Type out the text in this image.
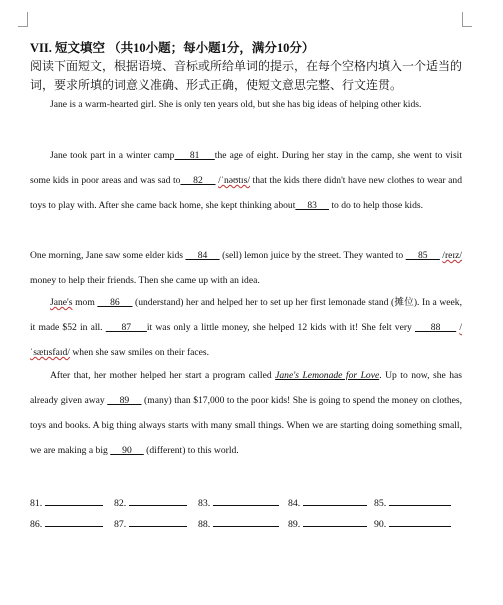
VII. 短文填空 （共10小题；每小题1分，满分10分）
阅读下面短文，根据语境、音标或所给单词的提示，在每个空格内填入一个适当的词，要求所填的词意义准确、形式正确，使短文意思完整、行文连贯。
Jane is a warm-hearted girl. She is only ten years old, but she has big ideas of helping other kids.
Jane took part in a winter camp     81     the age of eight. During her stay in the camp, she went to visit some kids in poor areas and was sad to     82      /ˈnəʊtɪs/ that the kids there didn't have new clothes to wear and toys to play with. After she came back home, she kept thinking about     83      to do to help those kids.
One morning, Jane saw some elder kids      84      (sell) lemon juice by the street. They wanted to      85      /reɪz/ money to help their friends. Then she came up with an idea.
Jane's mom      86      (understand) her and helped her to set up her first lemonade stand (摊位). In a week, it made $52 in all.      87     it was only a little money, she helped 12 kids with it! She felt very      88      /ˈsætɪsfaɪd/ when she saw smiles on their faces.
After that, her mother helped her start a program called Jane's Lemonade for Love. Up to now, she has already given away      89      (many) than $17,000 to the poor kids! She is going to spend the money on clothes, toys and books. A big thing always starts with many small things. When we are starting doing something small, we are making a big      90      (different) to this world.
81.	82.	83.	84.	85.
86.	87.	88.	89.	90.
